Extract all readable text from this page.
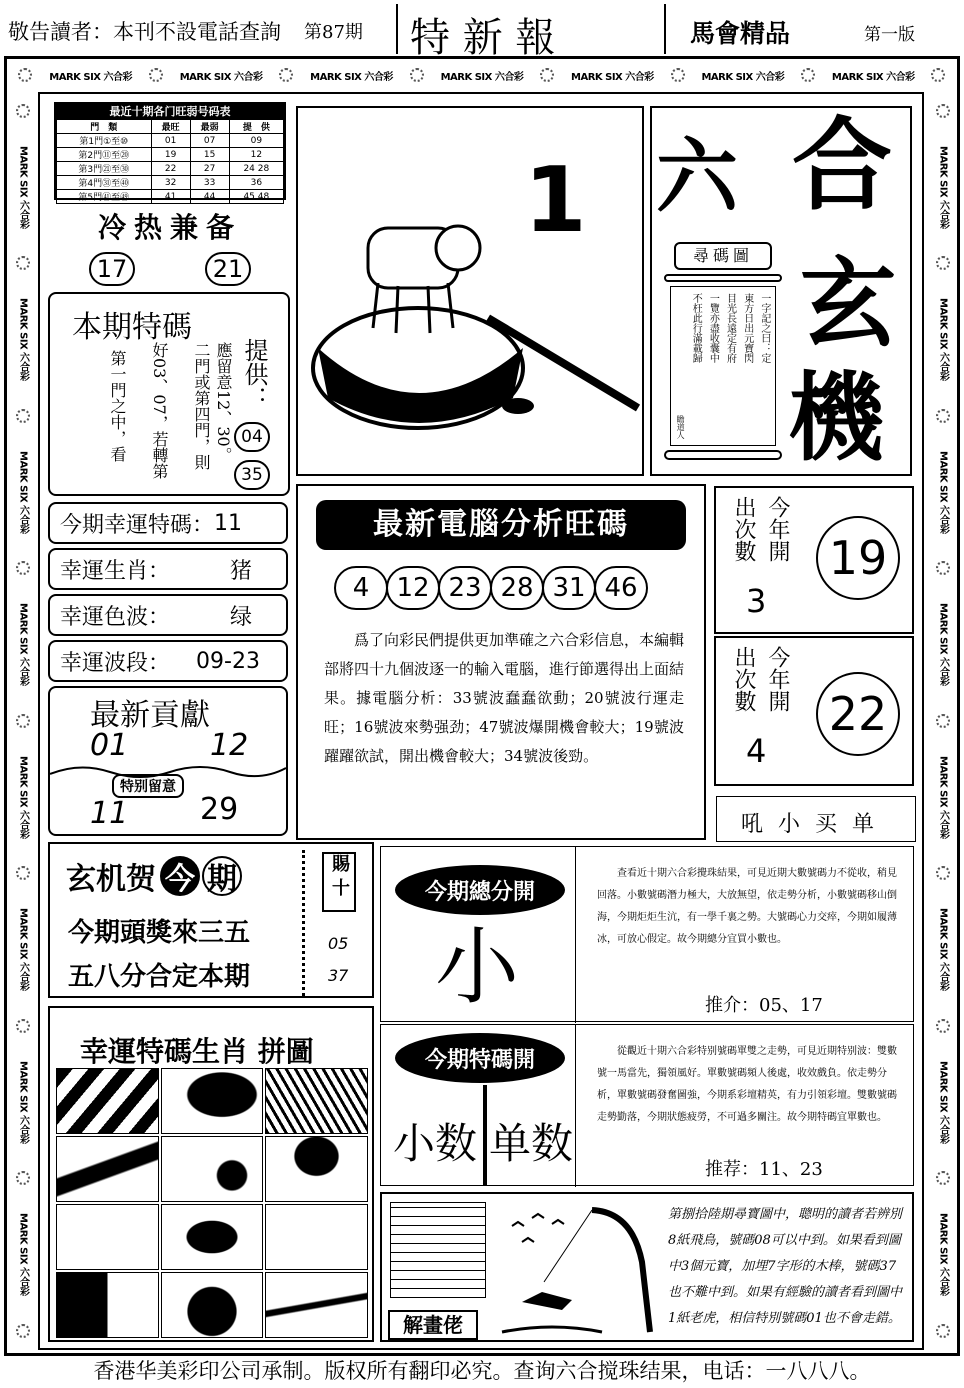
敬告讀者：本刊不設電話查詢 第87期 特 新 報	馬會精品	第一版
MARK SIX 六合彩	MARK SIX 六合彩	MARK SIX 六合彩	MARK SIX 六合彩	MARK SIX 六合彩	MARK SIX 六合彩	MARK SIX 六合彩
MARK SIX 六合彩
MARK SIX 六合彩
MARK SIX 六合彩
MARK SIX 六合彩
MARK SIX 六合彩
MARK SIX 六合彩
MARK SIX 六合彩
MARK SIX 六合彩
MARK SIX 六合彩
MARK SIX 六合彩
MARK SIX 六合彩
MARK SIX 六合彩
MARK SIX 六合彩
MARK SIX 六合彩
MARK SIX 六合彩
MARK SIX 六合彩
最近十期各门旺弱号码表
門　類	最旺	最弱	提　供
第1門①至⑩	01	07	09
第2門⑪至⑳	19	15	12
第3門㉑至㉚	22	27	24 28
第4門㉛至㊵	32	33	36
第5門㊶至㊾	41	44	45 48
冷热兼备
17	21
本期特碼
第一門之中，看 好03、07，若轉第 二門或第四門，則 應留意12、30。 提供：
04
35
今期幸運特碼： 11
幸運生肖：	猪
幸運色波：	绿
幸運波段： 09-23
最新貢獻
01	12
特别留意
11 29
玄机贺 今 期
今期頭獎來三五
五八分合定本期
賜 十
05
37
幸運特碼生肖 拼圖
1 六 合
玄
機
尋碼圖
一字記之曰：定
東方日出元寶閃
目光長遠定有府
一覽亦盡收囊中
不枉此行滿載歸
瞻道人
最新電腦分析旺碼
4	12 23 28 31 46
爲了向彩民們提供更加準確之六合彩信息，本編輯部將四十九個波逐一的輸入電腦，進行節選得出上面結果。據電腦分析：33號波蠢蠢欲動；20號波行運走旺；16號波來勢强劲；47號波爆開機會較大；19號波躍躍欲試，開出機會較大；34號波後勁。
今年開
出次數
3
19
今年開
出次數
4
22
吼 小 买 单
今期總分開
小
查看近十期六合彩攪珠結果，可見近期大數號碼力不從收，稍見回落。小數號碼潛力極大，大放無望，依走勢分析，小數號碼移山倒海，今期炬炬生沆，有一學千裏之勢。大號碼心力交瘁，今期如履薄冰，可放心假定。故今期總分宜買小數也。
推介：05、17
今期特碼開
小数 单数
從觀近十期六合彩特别號碼單雙之走勢，可見近期特别波：雙數號一馬當先，獨領風好。單數號碼頻人後處，收效戲負。依走勢分析，單數號碼發奮圖強，今期系彩壇精英，有力引領彩壇。雙數號碼走勢勤落，今期狀態疲勞，不可過多關注。故今期特碼宜單數也。
推荐：11、23
解畫佬
第捌拾陸期尋寶圖中，聰明的讀者若辨別8紙飛鳥，號碼08可以中到。如果看到圖中3個元寶，加埋7字形的木棒，號碼37也不難中到。如果有經驗的讀者看到圖中1紙老虎，相信特別號碼01也不會走錯。
香港华美彩印公司承制。版权所有翻印必究。查询六合搅珠结果，电话：一八八八。
